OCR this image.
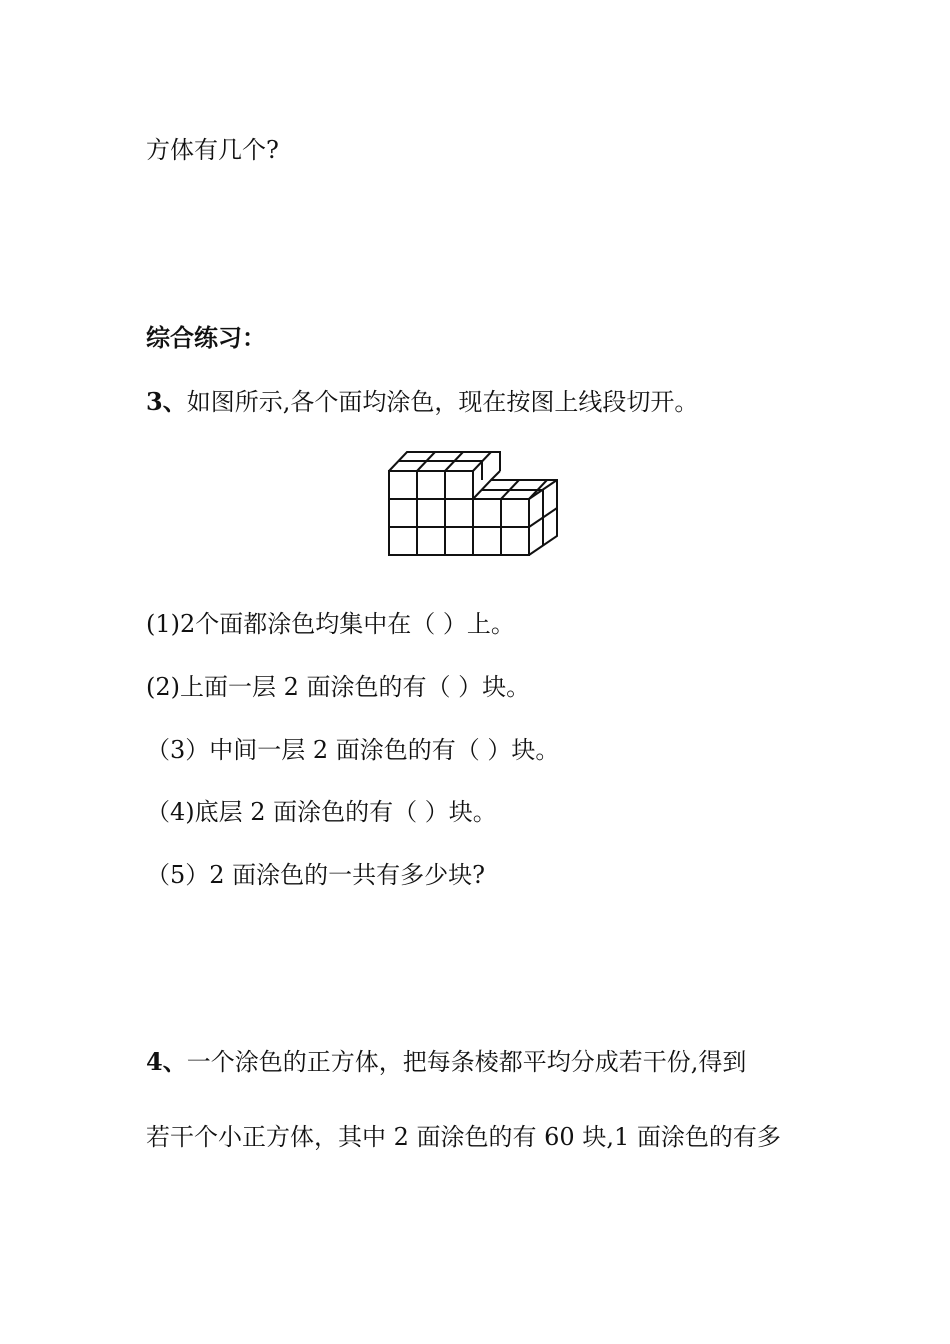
方体有几个?

综合练习：

3、如图所示,各个面均涂色，现在按图上线段切开。

(1)2个面都涂色均集中在（ ）上。

(2)上面一层 2 面涂色的有（ ）块。

（3）中间一层 2 面涂色的有（ ）块。

（4)底层 2 面涂色的有（ ）块。

（5）2 面涂色的一共有多少块?

4、一个涂色的正方体，把每条棱都平均分成若干份,得到

若干个小正方体，其中 2 面涂色的有 60 块,1 面涂色的有多
